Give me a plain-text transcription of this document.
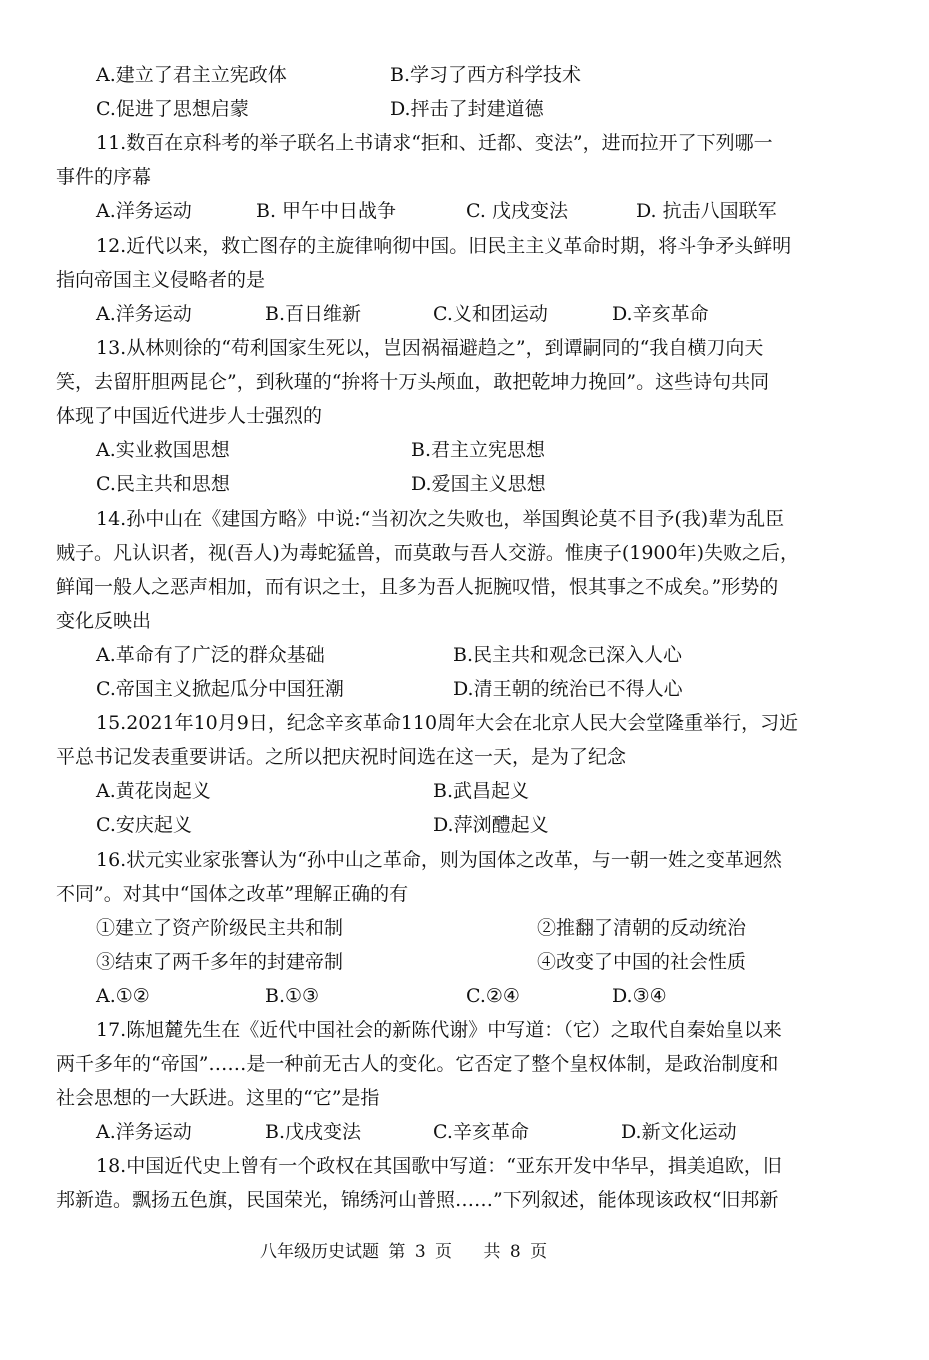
A.建立了君主立宪政体	B.学习了西方科学技术
C.促进了思想启蒙	D.抨击了封建道德
11.数百在京科考的举子联名上书请求“拒和、迁都、变法”，进而拉开了下列哪一
事件的序幕
A.洋务运动	B. 甲午中日战争	C. 戊戌变法	D. 抗击八国联军
12.近代以来，救亡图存的主旋律响彻中国。旧民主主义革命时期，将斗争矛头鲜明
指向帝国主义侵略者的是
A.洋务运动	B.百日维新	C.义和团运动	D.辛亥革命
13.从林则徐的“苟利国家生死以，岂因祸福避趋之”，到谭嗣同的“我自横刀向天
笑，去留肝胆两昆仑”，到秋瑾的“拚将十万头颅血，敢把乾坤力挽回”。这些诗句共同
体现了中国近代进步人士强烈的
A.实业救国思想	B.君主立宪思想
C.民主共和思想	D.爱国主义思想
14.孙中山在《建国方略》中说:“当初次之失败也，举国舆论莫不目予(我)辈为乱臣
贼子。凡认识者，视(吾人)为毒蛇猛兽，而莫敢与吾人交游。惟庚子(1900年)失败之后，
鲜闻一般人之恶声相加，而有识之士，且多为吾人扼腕叹惜，恨其事之不成矣。”形势的
变化反映出
A.革命有了广泛的群众基础	B.民主共和观念已深入人心
C.帝国主义掀起瓜分中国狂潮	D.清王朝的统治已不得人心
15.2021年10月9日，纪念辛亥革命110周年大会在北京人民大会堂隆重举行，习近
平总书记发表重要讲话。之所以把庆祝时间选在这一天，是为了纪念
A.黄花岗起义	B.武昌起义
C.安庆起义	D.萍浏醴起义
16.状元实业家张謇认为“孙中山之革命，则为国体之改革，与一朝一姓之变革迥然
不同”。对其中“国体之改革”理解正确的有
①建立了资产阶级民主共和制	②推翻了清朝的反动统治
③结束了两千多年的封建帝制	④改变了中国的社会性质
A.①②	B.①③	C.②④	D.③④
17.陈旭麓先生在《近代中国社会的新陈代谢》中写道：（它）之取代自秦始皇以来
两千多年的“帝国”……是一种前无古人的变化。它否定了整个皇权体制，是政治制度和
社会思想的一大跃进。这里的“它”是指
A.洋务运动	B.戊戌变法	C.辛亥革命	D.新文化运动
18.中国近代史上曾有一个政权在其国歌中写道：“亚东开发中华早，揖美追欧，旧
邦新造。飘扬五色旗，民国荣光，锦绣河山普照……”下列叙述，能体现该政权“旧邦新
八年级历史试题 第 3 页 共 8 页
